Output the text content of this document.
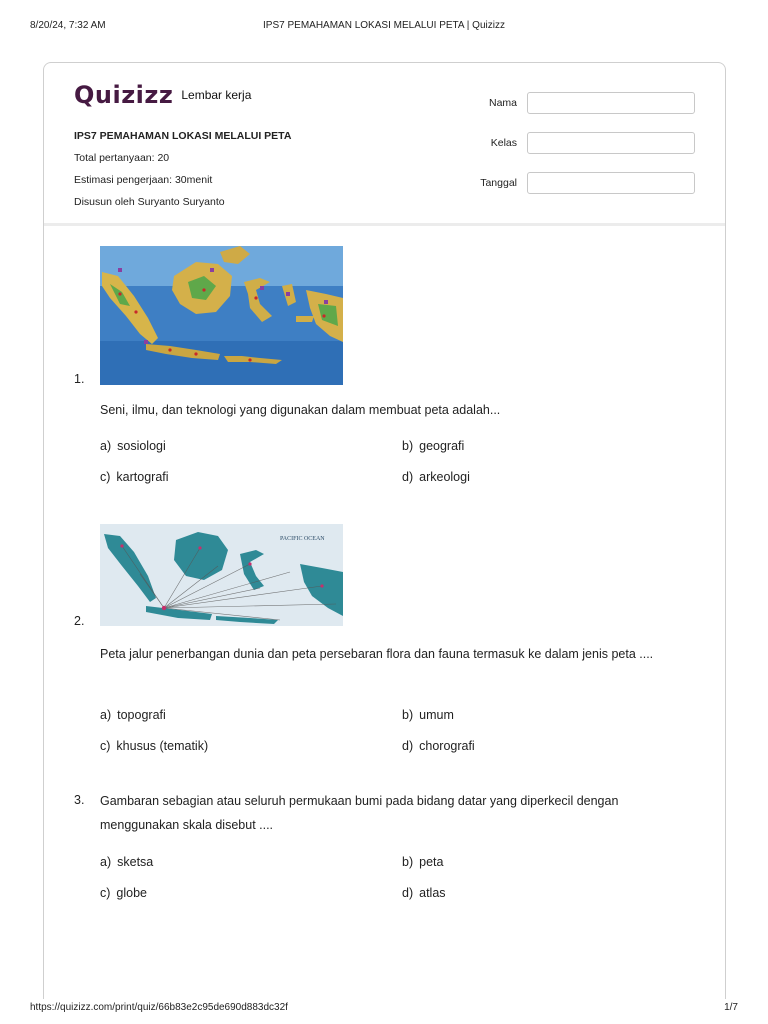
8/20/24, 7:32 AM	IPS7 PEMAHAMAN LOKASI MELALUI PETA | Quizizz
Quizizz Lembar kerja
IPS7 PEMAHAMAN LOKASI MELALUI PETA
Total pertanyaan: 20
Estimasi pengerjaan: 30menit
Disusun oleh Suryanto Suryanto
Nama
Kelas
Tanggal
1.
Seni, ilmu, dan teknologi yang digunakan dalam membuat peta adalah...
a) sosiologi	b) geografi
c) kartografi	d) arkeologi
PACIFIC OCEAN
2.
Peta jalur penerbangan dunia dan peta persebaran flora dan fauna termasuk ke dalam jenis peta ....
a) topografi	b) umum
c) khusus (tematik)	d) chorografi
3. Gambaran sebagian atau seluruh permukaan bumi pada bidang datar yang diperkecil dengan menggunakan skala disebut ....
a) sketsa	b) peta
c) globe	d) atlas
https://quizizz.com/print/quiz/66b83e2c95de690d883dc32f	1/7
